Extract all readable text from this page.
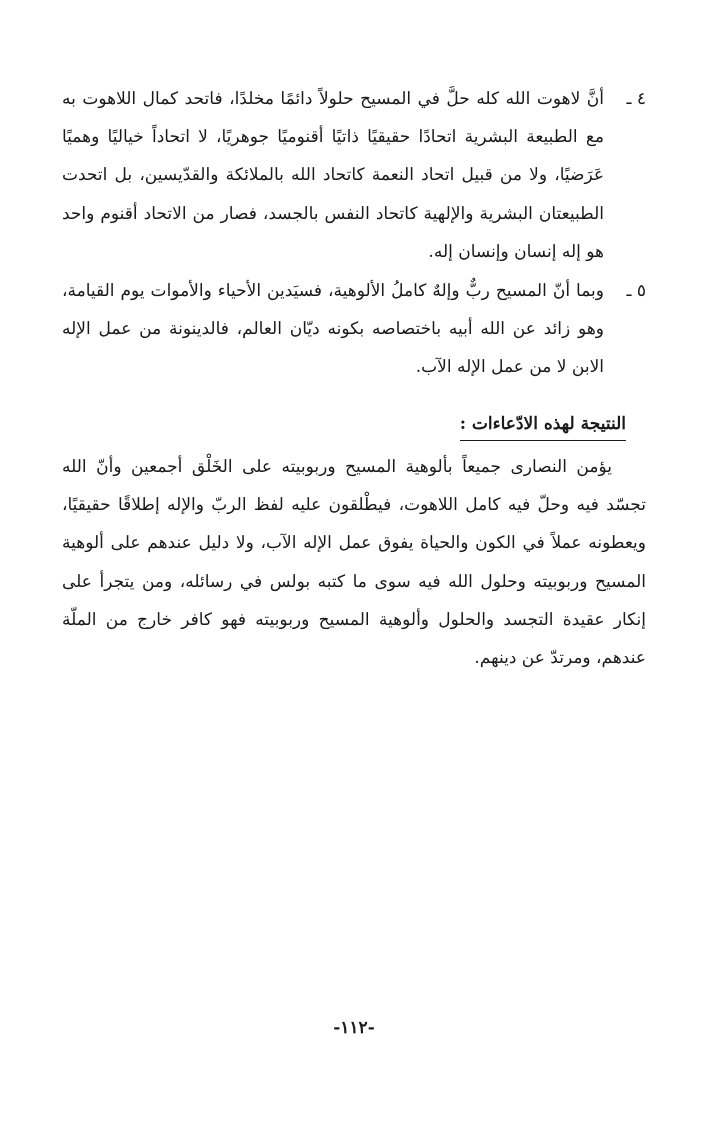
٤ ـ
أنَّ لاهوت الله كله حلَّ في المسيح حلولاً دائمًا مخلدًا، فاتحد كمال اللاهوت به مع الطبيعة البشرية اتحادًا حقيقيًا ذاتيًا أقنوميًا جوهريًا، لا اتحاداً خياليًا وهميًا عَرَضيًا، ولا من قبيل اتحاد النعمة كاتحاد الله بالملائكة والقدّيسين، بل اتحدت الطبيعتان البشرية والإلهية كاتحاد النفس بالجسد، فصار من الاتحاد أقنوم واحد هو إله إنسان وإنسان إله.
٥ ـ
وبما أنّ المسيح ربٌّ وإلهٌ كاملُ الألوهية، فسيَدين الأحياء والأموات يوم القيامة، وهو زائد عن الله أبيه باختصاصه بكونه ديّان العالم، فالدينونة من عمل الإله الابن لا من عمل الإله الآب.
النتيجة لهذه الادّعاءات :

يؤمن النصارى جميعاً بألوهية المسيح وربوبيته على الخَلْق أجمعين وأنّ الله تجسّد فيه وحلّ فيه كامل اللاهوت، فيطْلقون عليه لفظ الربّ والإله إطلاقًا حقيقيًا، ويعطونه عملاً في الكون والحياة يفوق عمل الإله الآب، ولا دليل عندهم على ألوهية المسيح وربوبيته وحلول الله فيه سوى ما كتبه بولس في رسائله، ومن يتجرأ على إنكار عقيدة التجسد والحلول وألوهية المسيح وربوبيته فهو كافر خارج من الملّة عندهم، ومرتدّ عن دينهم.

-١١٢-
